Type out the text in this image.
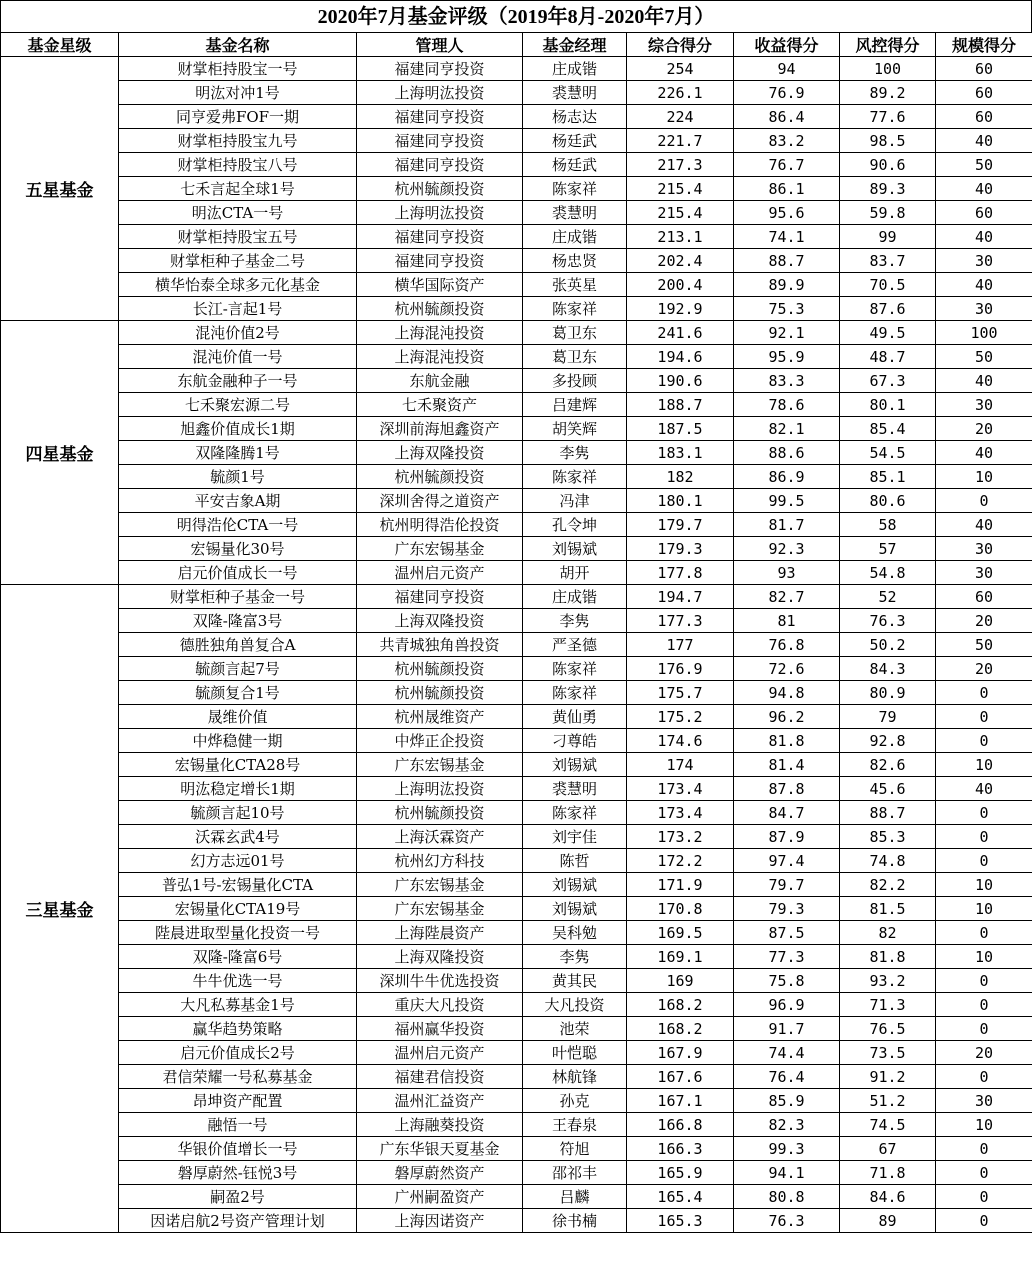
2020年7月基金评级（2019年8月-2020年7月）
基金星级	基金名称	管理人	基金经理	综合得分	收益得分	风控得分	规模得分
五星基金	财掌柜持股宝一号	福建同亨投资	庄成锴	254	94	100	60
	明汯对冲1号	上海明汯投资	裘慧明	226.1	76.9	89.2	60
	同亨爱弗FOF一期	福建同亨投资	杨志达	224	86.4	77.6	60
	财掌柜持股宝九号	福建同亨投资	杨廷武	221.7	83.2	98.5	40
	财掌柜持股宝八号	福建同亨投资	杨廷武	217.3	76.7	90.6	50
	七禾言起全球1号	杭州毓颜投资	陈家祥	215.4	86.1	89.3	40
	明汯CTA一号	上海明汯投资	裘慧明	215.4	95.6	59.8	60
	财掌柜持股宝五号	福建同亨投资	庄成锴	213.1	74.1	99	40
	财掌柜种子基金二号	福建同亨投资	杨忠贤	202.4	88.7	83.7	30
	横华怡泰全球多元化基金	横华国际资产	张英星	200.4	89.9	70.5	40
	长江-言起1号	杭州毓颜投资	陈家祥	192.9	75.3	87.6	30
四星基金	混沌价值2号	上海混沌投资	葛卫东	241.6	92.1	49.5	100
	混沌价值一号	上海混沌投资	葛卫东	194.6	95.9	48.7	50
	东航金融种子一号	东航金融	多投顾	190.6	83.3	67.3	40
	七禾聚宏源二号	七禾聚资产	吕建辉	188.7	78.6	80.1	30
	旭鑫价值成长1期	深圳前海旭鑫资产	胡笑辉	187.5	82.1	85.4	20
	双隆隆腾1号	上海双隆投资	李隽	183.1	88.6	54.5	40
	毓颜1号	杭州毓颜投资	陈家祥	182	86.9	85.1	10
	平安吉象A期	深圳舍得之道资产	冯津	180.1	99.5	80.6	0
	明得浩伦CTA一号	杭州明得浩伦投资	孔令坤	179.7	81.7	58	40
	宏锡量化30号	广东宏锡基金	刘锡斌	179.3	92.3	57	30
	启元价值成长一号	温州启元资产	胡开	177.8	93	54.8	30
三星基金	财掌柜种子基金一号	福建同亨投资	庄成锴	194.7	82.7	52	60
	双隆-隆富3号	上海双隆投资	李隽	177.3	81	76.3	20
	德胜独角兽复合A	共青城独角兽投资	严圣德	177	76.8	50.2	50
	毓颜言起7号	杭州毓颜投资	陈家祥	176.9	72.6	84.3	20
	毓颜复合1号	杭州毓颜投资	陈家祥	175.7	94.8	80.9	0
	晟维价值	杭州晟维资产	黄仙勇	175.2	96.2	79	0
	中烨稳健一期	中烨正企投资	刁尊皓	174.6	81.8	92.8	0
	宏锡量化CTA28号	广东宏锡基金	刘锡斌	174	81.4	82.6	10
	明汯稳定增长1期	上海明汯投资	裘慧明	173.4	87.8	45.6	40
	毓颜言起10号	杭州毓颜投资	陈家祥	173.4	84.7	88.7	0
	沃霖玄武4号	上海沃霖资产	刘宇佳	173.2	87.9	85.3	0
	幻方志远01号	杭州幻方科技	陈哲	172.2	97.4	74.8	0
	普弘1号-宏锡量化CTA	广东宏锡基金	刘锡斌	171.9	79.7	82.2	10
	宏锡量化CTA19号	广东宏锡基金	刘锡斌	170.8	79.3	81.5	10
	陛晨进取型量化投资一号	上海陛晨资产	吴科勉	169.5	87.5	82	0
	双隆-隆富6号	上海双隆投资	李隽	169.1	77.3	81.8	10
	牛牛优选一号	深圳牛牛优选投资	黄其民	169	75.8	93.2	0
	大凡私募基金1号	重庆大凡投资	大凡投资	168.2	96.9	71.3	0
	赢华趋势策略	福州赢华投资	池荣	168.2	91.7	76.5	0
	启元价值成长2号	温州启元资产	叶恺聪	167.9	74.4	73.5	20
	君信荣耀一号私募基金	福建君信投资	林航锋	167.6	76.4	91.2	0
	昂坤资产配置	温州汇益资产	孙克	167.1	85.9	51.2	30
	融悟一号	上海融葵投资	王春泉	166.8	82.3	74.5	10
	华银价值增长一号	广东华银天夏基金	符旭	166.3	99.3	67	0
	磐厚蔚然-钰悦3号	磐厚蔚然资产	邵祁丰	165.9	94.1	71.8	0
	嗣盈2号	广州嗣盈资产	吕麟	165.4	80.8	84.6	0
	因诺启航2号资产管理计划	上海因诺资产	徐书楠	165.3	76.3	89	0
